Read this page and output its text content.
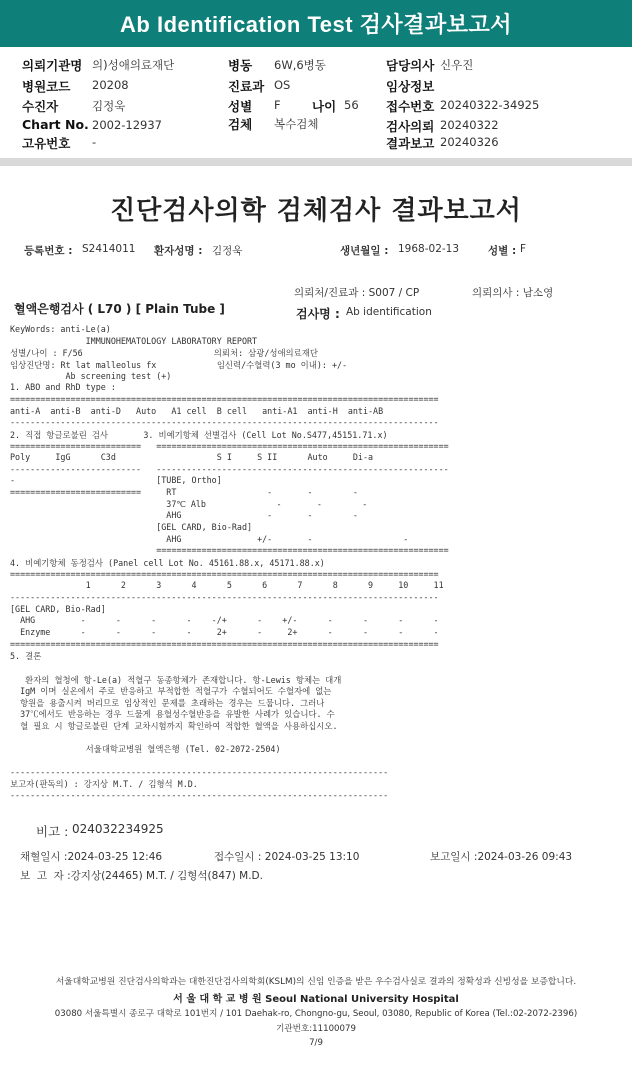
Ab Identification Test 검사결과보고서
의뢰기관명 의)성애의료재단
병원코드 20208
수진자	김정욱
Chart No. 2002-12937
고유번호 -
병동 6W,6병동
진료과 OS
성별 F	나이 56
검체 복수검체
담당의사 신우진
임상정보
접수번호 20240322-34925
검사의뢰 20240322
결과보고 20240326
진단검사의학 검체검사 결과보고서
등록번호 : S2414011 환자성명 : 김정욱	생년월일 : 1968-02-13	성별 : F
의뢰처/진료과 : S007 / CP	의뢰의사 : 남소영
혈액은행검사 ( L70 ) [ Plain Tube ]	검사명 : Ab identification
KeyWords: anti-Le(a)
IMMUNOHEMATOLOGY LABORATORY REPORT
성별/나이 : F/56                          의뢰처: 삼광/성애의료재단
임상진단명: Rt lat malleolus fx            임신력/수혈력(3 mo 이내): +/-
Ab screening test (+)
1. ABO and RhD type :
=====================================================================================
anti-A  anti-B  anti-D   Auto   A1 cell  B cell   anti-A1  anti-H  anti-AB
-------------------------------------------------------------------------------------
2. 직접 항글로불린 검사       3. 비예기항체 선별검사 (Cell Lot No.S477,45151.71.x)
==========================   ==========================================================
Poly     IgG      C3d                    S I     S II      Auto     Di-a
--------------------------   ----------------------------------------------------------
-                            [TUBE, Ortho]
==========================     RT                  -       -        -
37℃ Alb              -       -        -
AHG                 -       -        -
[GEL CARD, Bio-Rad]
AHG               +/-       -                  -
==========================================================
4. 비예기항체 동정검사 (Panel cell Lot No. 45161.88.x, 45171.88.x)
=====================================================================================
1      2      3      4      5      6      7      8      9     10     11
-------------------------------------------------------------------------------------
[GEL CARD, Bio-Rad]
AHG         -      -      -      -    -/+      -    +/-      -      -      -      -
Enzyme      -      -      -      -     2+      -     2+      -      -      -      -
=====================================================================================
5. 결론
환자의 혈청에 항-Le(a) 적혈구 동종항체가 존재합니다. 항-Lewis 항체는 대개
IgM 이며 실온에서 주로 반응하고 부적합한 적혈구가 수혈되어도 수혈자에 없는
항원을 용출시켜 버리므로 임상적인 문제를 초래하는 경우는 드뭅니다. 그러나
37℃에서도 반응하는 경우 드물게 용혈성수혈반응을 유발한 사례가 있습니다. 수
혈 필요 시 항글로불린 단계 교차시험까지 확인하여 적합한 혈액을 사용하십시오.
서울대학교병원 혈액은행 (Tel. 02-2072-2504)
---------------------------------------------------------------------------
보고자(판독의) : 강지상 M.T. / 김형석 M.D.
---------------------------------------------------------------------------
비고 : 024032234925
채혈일시 :2024-03-25 12:46	접수일시 : 2024-03-25 13:10	보고일시 :2024-03-26 09:43
보  고  자 :강지상(24465) M.T. / 김형석(847) M.D.
서울대학교병원 진단검사의학과는 대한진단검사의학회(KSLM)의 신임 인증을 받은 우수검사실로 결과의 정확성과 신빙성을 보증합니다.
서 울 대 학 교 병 원 Seoul National University Hospital
03080 서울특별시 종로구 대학로 101번지 / 101 Daehak-ro, Chongno-gu, Seoul, 03080, Republic of Korea (Tel.:02-2072-2396)
기관번호:11100079
7/9
